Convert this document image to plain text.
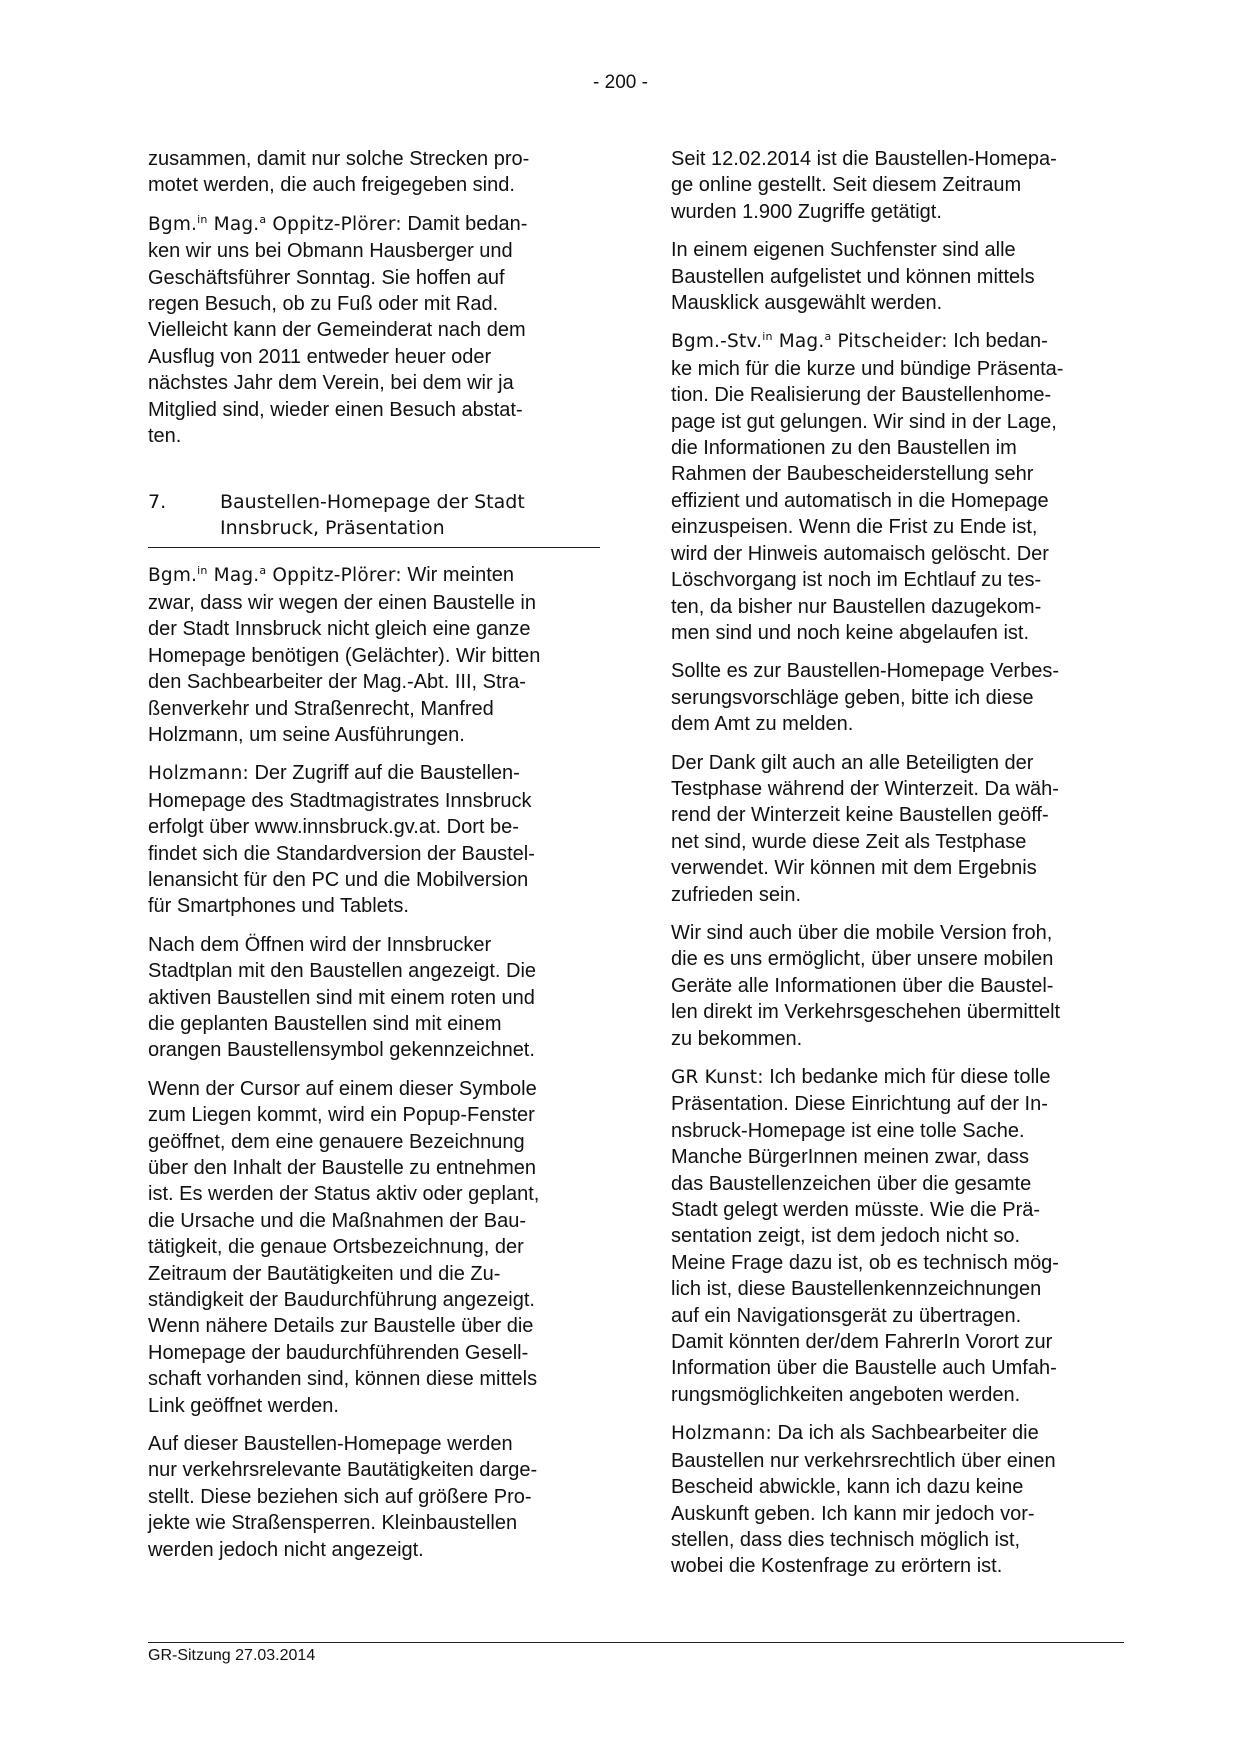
- 200 -

zusammen, damit nur solche Strecken pro-
motet werden, die auch freigegeben sind.

Bgm.$^{in}$ Mag.$^a$ Oppitz-Plörer: Damit bedan-
ken wir uns bei Obmann Hausberger und
Geschäftsführer Sonntag. Sie hoffen auf
regen Besuch, ob zu Fuß oder mit Rad.
Vielleicht kann der Gemeinderat nach dem
Ausflug von 2011 entweder heuer oder
nächstes Jahr dem Verein, bei dem wir ja
Mitglied sind, wieder einen Besuch abstat-
ten.

7.	Baustellen-Homepage der Stadt
Innsbruck, Präsentation

Bgm.$^{in}$ Mag.$^a$ Oppitz-Plörer: Wir meinten
zwar, dass wir wegen der einen Baustelle in
der Stadt Innsbruck nicht gleich eine ganze
Homepage benötigen (Gelächter). Wir bitten
den Sachbearbeiter der Mag.-Abt. III, Stra-
ßenverkehr und Straßenrecht, Manfred
Holzmann, um seine Ausführungen.

Holzmann: Der Zugriff auf die Baustellen-
Homepage des Stadtmagistrates Innsbruck
erfolgt über www.innsbruck.gv.at. Dort be-
findet sich die Standardversion der Baustel-
lenansicht für den PC und die Mobilversion
für Smartphones und Tablets.

Nach dem Öffnen wird der Innsbrucker
Stadtplan mit den Baustellen angezeigt. Die
aktiven Baustellen sind mit einem roten und
die geplanten Baustellen sind mit einem
orangen Baustellensymbol gekennzeichnet.

Wenn der Cursor auf einem dieser Symbole
zum Liegen kommt, wird ein Popup-Fenster
geöffnet, dem eine genauere Bezeichnung
über den Inhalt der Baustelle zu entnehmen
ist. Es werden der Status aktiv oder geplant,
die Ursache und die Maßnahmen der Bau-
tätigkeit, die genaue Ortsbezeichnung, der
Zeitraum der Bautätigkeiten und die Zu-
ständigkeit der Baudurchführung angezeigt.
Wenn nähere Details zur Baustelle über die
Homepage der baudurchführenden Gesell-
schaft vorhanden sind, können diese mittels
Link geöffnet werden.

Auf dieser Baustellen-Homepage werden
nur verkehrsrelevante Bautätigkeiten darge-
stellt. Diese beziehen sich auf größere Pro-
jekte wie Straßensperren. Kleinbaustellen
werden jedoch nicht angezeigt.

Seit 12.02.2014 ist die Baustellen-Homepa-
ge online gestellt. Seit diesem Zeitraum
wurden 1.900 Zugriffe getätigt.

In einem eigenen Suchfenster sind alle
Baustellen aufgelistet und können mittels
Mausklick ausgewählt werden.

Bgm.-Stv.$^{in}$ Mag.$^a$ Pitscheider: Ich bedan-
ke mich für die kurze und bündige Präsenta-
tion. Die Realisierung der Baustellenhome-
page ist gut gelungen. Wir sind in der Lage,
die Informationen zu den Baustellen im
Rahmen der Baubescheiderstellung sehr
effizient und automatisch in die Homepage
einzuspeisen. Wenn die Frist zu Ende ist,
wird der Hinweis automaisch gelöscht. Der
Löschvorgang ist noch im Echtlauf zu tes-
ten, da bisher nur Baustellen dazugekom-
men sind und noch keine abgelaufen ist.

Sollte es zur Baustellen-Homepage Verbes-
serungsvorschläge geben, bitte ich diese
dem Amt zu melden.

Der Dank gilt auch an alle Beteiligten der
Testphase während der Winterzeit. Da wäh-
rend der Winterzeit keine Baustellen geöff-
net sind, wurde diese Zeit als Testphase
verwendet. Wir können mit dem Ergebnis
zufrieden sein.

Wir sind auch über die mobile Version froh,
die es uns ermöglicht, über unsere mobilen
Geräte alle Informationen über die Baustel-
len direkt im Verkehrsgeschehen übermittelt
zu bekommen.

GR Kunst: Ich bedanke mich für diese tolle
Präsentation. Diese Einrichtung auf der In-
nsbruck-Homepage ist eine tolle Sache.
Manche BürgerInnen meinen zwar, dass
das Baustellenzeichen über die gesamte
Stadt gelegt werden müsste. Wie die Prä-
sentation zeigt, ist dem jedoch nicht so.
Meine Frage dazu ist, ob es technisch mög-
lich ist, diese Baustellenkennzeichnungen
auf ein Navigationsgerät zu übertragen.
Damit könnten der/dem FahrerIn Vorort zur
Information über die Baustelle auch Umfah-
rungsmöglichkeiten angeboten werden.

Holzmann: Da ich als Sachbearbeiter die
Baustellen nur verkehrsrechtlich über einen
Bescheid abwickle, kann ich dazu keine
Auskunft geben. Ich kann mir jedoch vor-
stellen, dass dies technisch möglich ist,
wobei die Kostenfrage zu erörtern ist.

GR-Sitzung 27.03.2014
